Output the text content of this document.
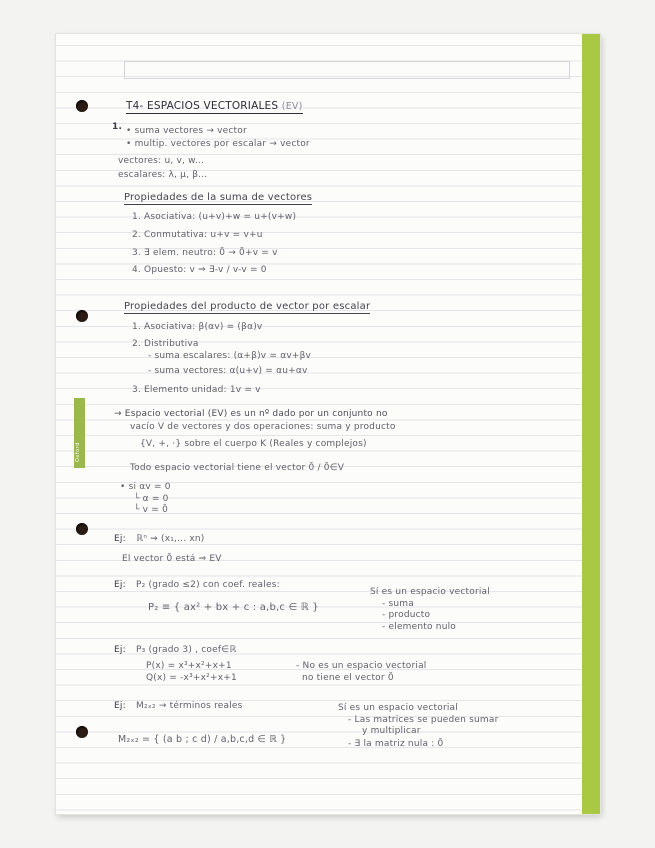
Oxford
T4- ESPACIOS VECTORIALES (EV)
1. • suma vectores → vector
• multip. vectores por escalar → vector
vectores: u, v, w...
escalares: λ, μ, β...
Propiedades de la suma de vectores
1. Asociativa: (u+v)+w = u+(v+w)
2. Conmutativa: u+v = v+u
3. ∃ elem. neutro: 0̄ → 0̄+v = v
4. Opuesto: v ⇒ ∃-v / v-v = 0
Propiedades del producto de vector por escalar
1. Asociativa: β(αv) = (βα)v
2. Distributiva
- suma escalares: (α+β)v = αv+βv
- suma vectores: α(u+v) = αu+αv
3. Elemento unidad: 1v = v
→ Espacio vectorial (EV) es un nº dado por un conjunto no
vacío V de vectores y dos operaciones: suma y producto
{V, +, ·} sobre el cuerpo K (Reales y complejos)
Todo espacio vectorial tiene el vector 0̄ / 0̄∈V
• si αv = 0
└ α = 0
└ v = 0̄
Ej: ℝⁿ ⇝ (x₁,... xn)
El vector 0̄ está ⇒ EV
Ej: P₂ (grado ≤2) con coef. reales:
P₂ ≡ { ax² + bx + c : a,b,c ∈ ℝ }
Sí es un espacio vectorial
- suma
- producto
- elemento nulo
Ej: P₃ (grado 3) , coef∈ℝ
P(x) = x³+x²+x+1
Q(x) = -x³+x²+x+1
- No es un espacio vectorial
no tiene el vector 0̄
Ej: M₂ₓ₂ → términos reales
M₂ₓ₂ = { (a b ; c d) / a,b,c,d ∈ ℝ }
Sí es un espacio vectorial
- Las matrices se pueden sumar
y multiplicar
- ∃ la matriz nula : 0̄
